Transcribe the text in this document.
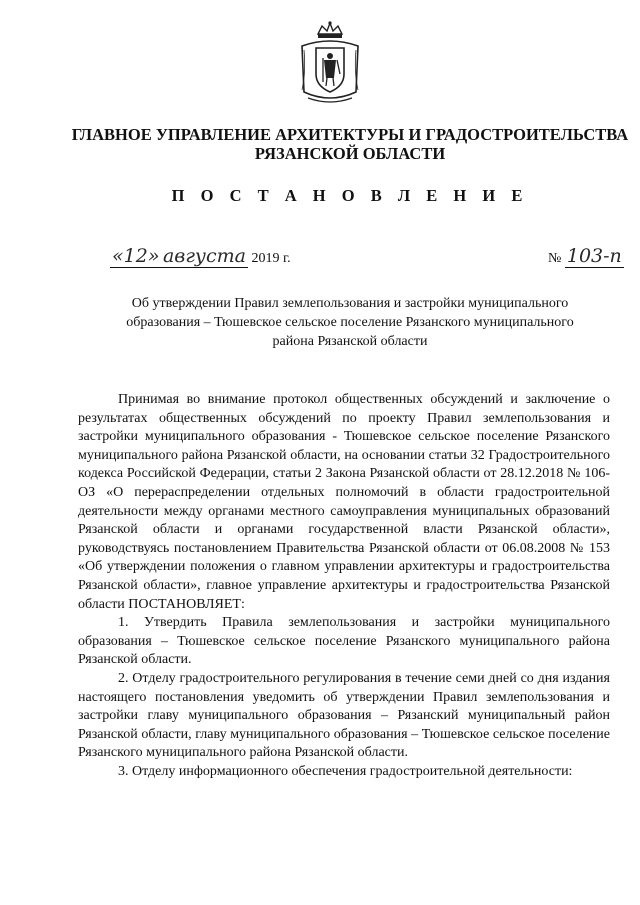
ГЛАВНОЕ УПРАВЛЕНИЕ АРХИТЕКТУРЫ И ГРАДОСТРОИТЕЛЬСТВА
РЯЗАНСКОЙ ОБЛАСТИ
П О С Т А Н О В Л Е Н И Е
«12» августа 2019 г.	№ 103-п
Об утверждении Правил землепользования и застройки муниципального
образования – Тюшевское сельское поселение Рязанского муниципального
района Рязанской области

Принимая во внимание протокол общественных обсуждений и заключение о результатах общественных обсуждений по проекту Правил землепользования и застройки муниципального образования - Тюшевское сельское поселение Рязанского муниципального района Рязанской области, на основании статьи 32 Градостроительного кодекса Российской Федерации, статьи 2 Закона Рязанской области от 28.12.2018 № 106-ОЗ «О перераспределении отдельных полномочий в области градостроительной деятельности между органами местного самоуправления муниципальных образований Рязанской области и органами государственной власти Рязанской области», руководствуясь постановлением Правительства Рязанской области от 06.08.2008 № 153 «Об утверждении положения о главном управлении архитектуры и градостроительства Рязанской области», главное управление архитектуры и градостроительства Рязанской области ПОСТАНОВЛЯЕТ:

1. Утвердить Правила землепользования и застройки муниципального образования – Тюшевское сельское поселение Рязанского муниципального района Рязанской области.

2. Отделу градостроительного регулирования в течение семи дней со дня издания настоящего постановления уведомить об утверждении Правил землепользования и застройки главу муниципального образования – Рязанский муниципальный район Рязанской области, главу муниципального образования – Тюшевское сельское поселение Рязанского муниципального района Рязанской области.

3. Отделу информационного обеспечения градостроительной деятельности:
